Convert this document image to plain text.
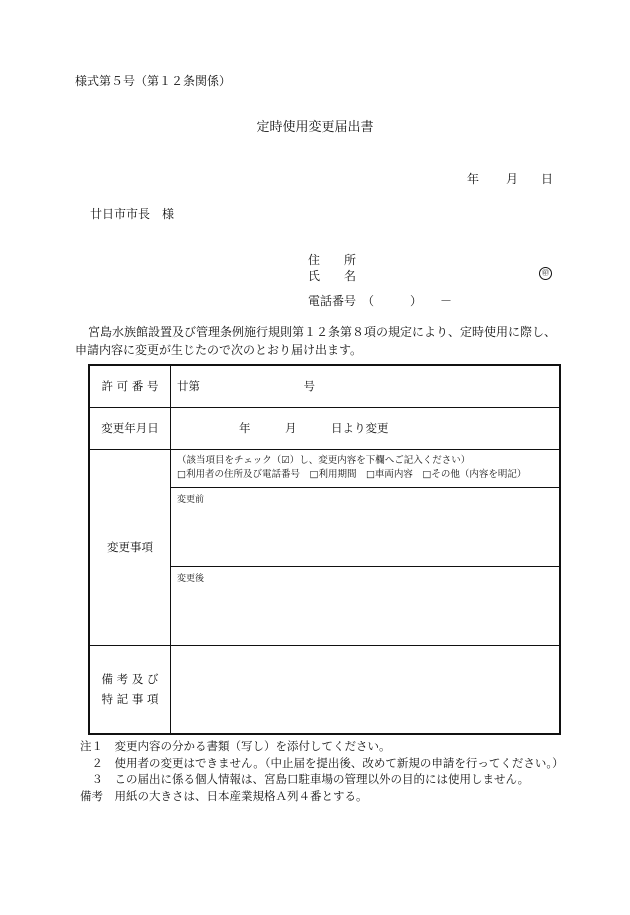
様式第５号（第１２条関係）
定時使用変更届出書
年 月 日
廿日市市長　様
住　　所
氏　　名	㊞
電話番号　（　　　）　　－
宮島水族館設置及び管理条例施行規則第１２条第８項の規定により、定時使用に際し、申請内容に変更が生じたので次のとおり届け出ます。
許 可 番 号	廿第　　　　　　　　　号
変更年月日	年　　　月　　　日より変更
変更事項	（該当項目をチェック（☑）し、変更内容を下欄へご記入ください）
□利用者の住所及び電話番号　□利用期間　□車両内容　□その他（内容を明記）

	変更前

	変更後

備 考 及 び
特 記 事 項	

注１　変更内容の分かる書類（写し）を添付してください。
　２　使用者の変更はできません。（中止届を提出後、改めて新規の申請を行ってください。）
　３　この届出に係る個人情報は、宮島口駐車場の管理以外の目的には使用しません。
備考　用紙の大きさは、日本産業規格Ａ列４番とする。
